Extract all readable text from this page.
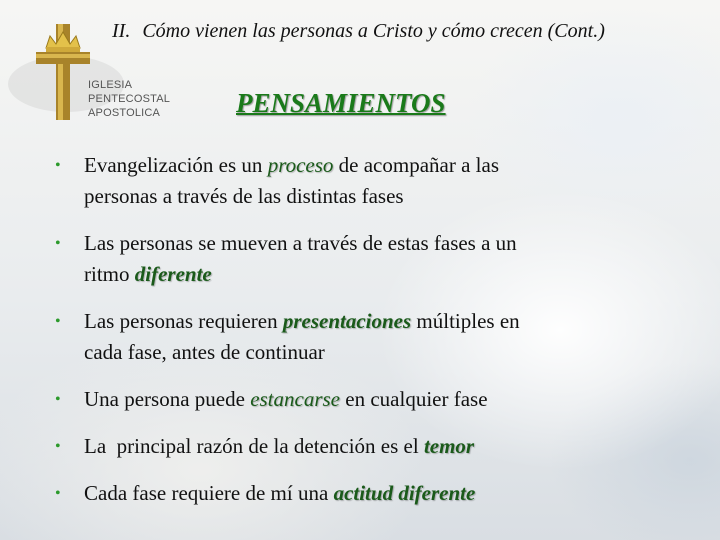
IGLESIA
PENTECOSTAL
APOSTOLICA
II. Cómo vienen las personas a Cristo y cómo crecen (Cont.)
PENSAMIENTOS
• Evangelización es un proceso de acompañar a las
personas a través de las distintas fases
• Las personas se mueven a través de estas fases a un
ritmo diferente
• Las personas requieren presentaciones múltiples en
cada fase, antes de continuar
• Una persona puede estancarse en cualquier fase
• La  principal razón de la detención es el temor
• Cada fase requiere de mí una actitud diferente
